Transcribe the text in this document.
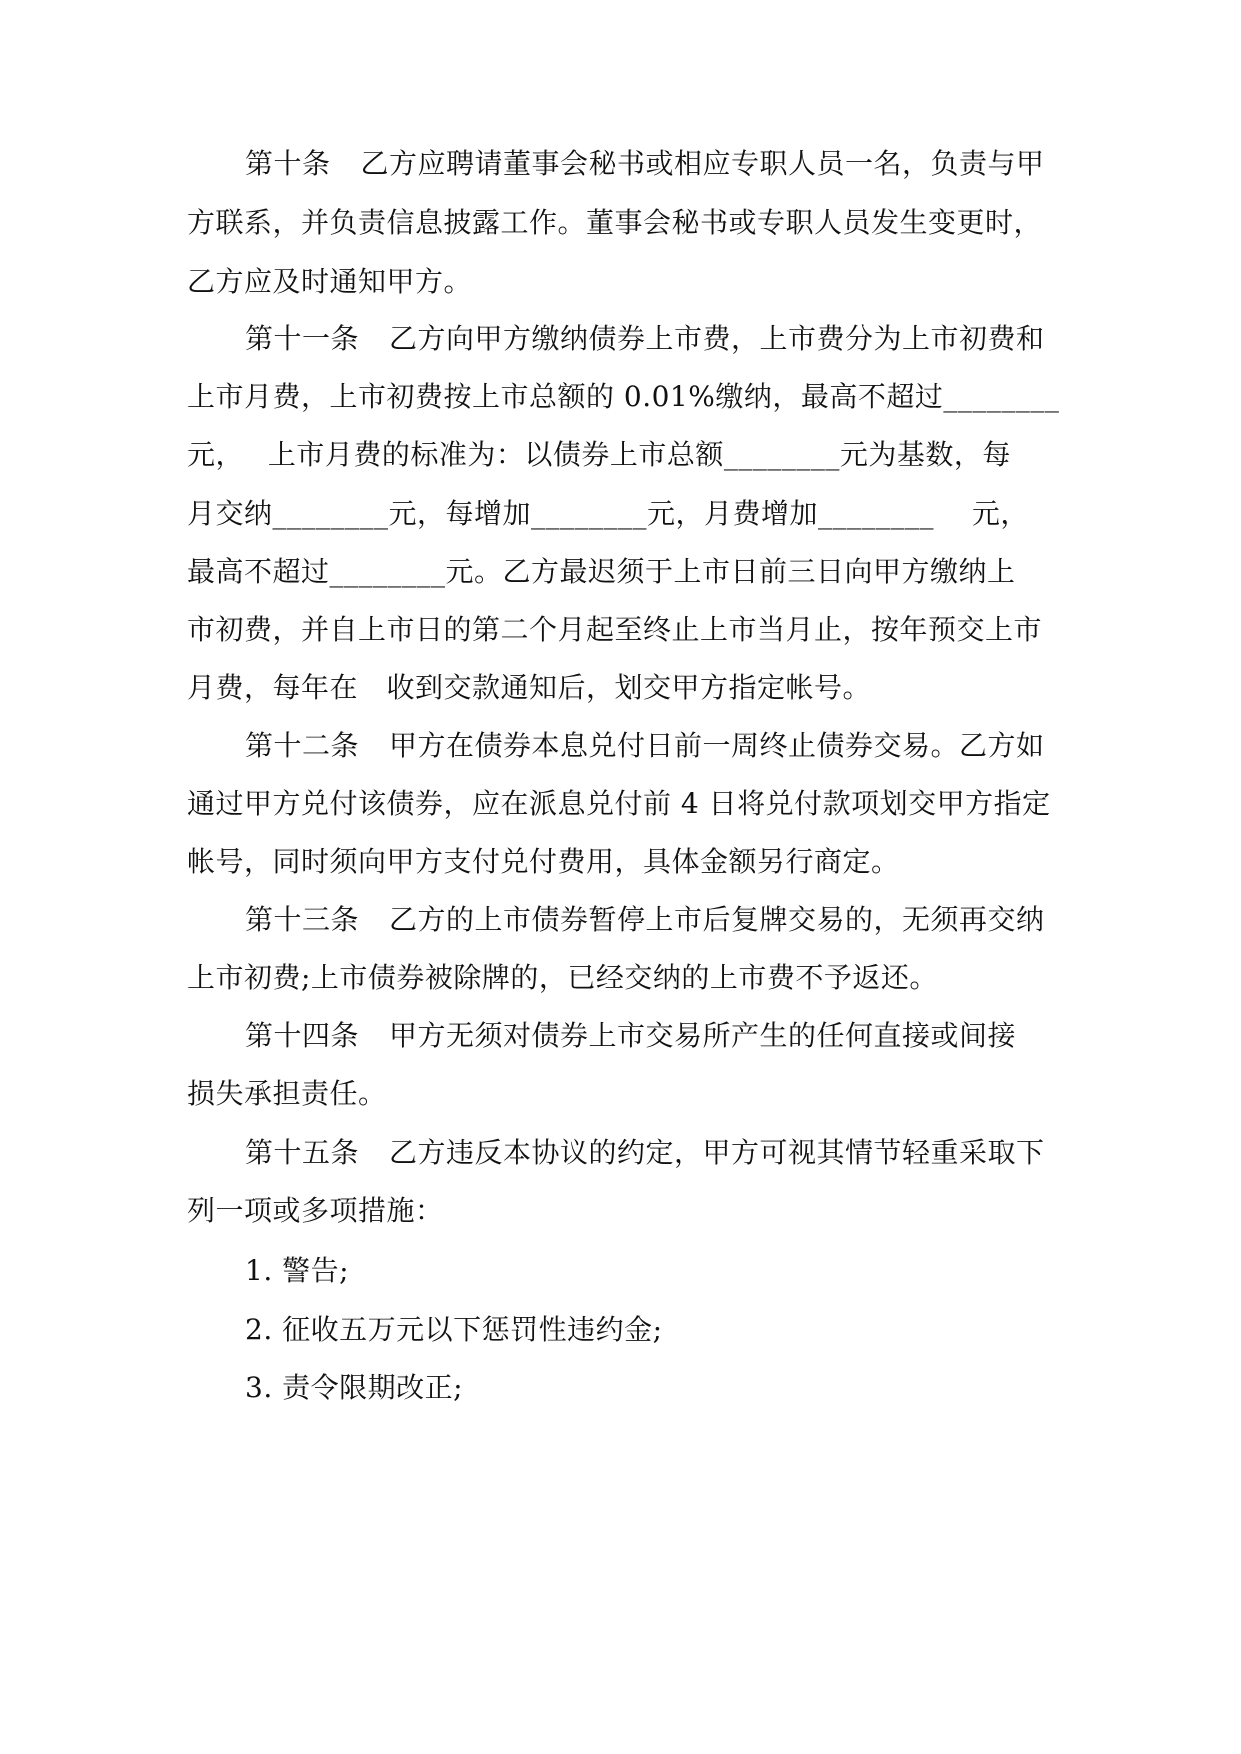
第十条 乙方应聘请董事会秘书或相应专职人员一名，负责与甲

方联系，并负责信息披露工作。董事会秘书或专职人员发生变更时，

乙方应及时通知甲方。

第十一条 乙方向甲方缴纳债券上市费，上市费分为上市初费和

上市月费，上市初费按上市总额的 0.01%缴纳，最高不超过________

元，　 上市月费的标准为：以债券上市总额________元为基数，每

月交纳________元，每增加________元，月费增加________　 元，

最高不超过________元。乙方最迟须于上市日前三日向甲方缴纳上

市初费，并自上市日的第二个月起至终止上市当月止，按年预交上市

月费，每年在　收到交款通知后，划交甲方指定帐号。

第十二条 甲方在债券本息兑付日前一周终止债券交易。乙方如

通过甲方兑付该债券，应在派息兑付前 4 日将兑付款项划交甲方指定

帐号，同时须向甲方支付兑付费用，具体金额另行商定。

第十三条 乙方的上市债券暂停上市后复牌交易的，无须再交纳

上市初费;上市债券被除牌的，已经交纳的上市费不予返还。

第十四条 甲方无须对债券上市交易所产生的任何直接或间接

损失承担责任。

第十五条 乙方违反本协议的约定，甲方可视其情节轻重采取下

列一项或多项措施：

1. 警告;

2. 征收五万元以下惩罚性违约金;

3. 责令限期改正;
